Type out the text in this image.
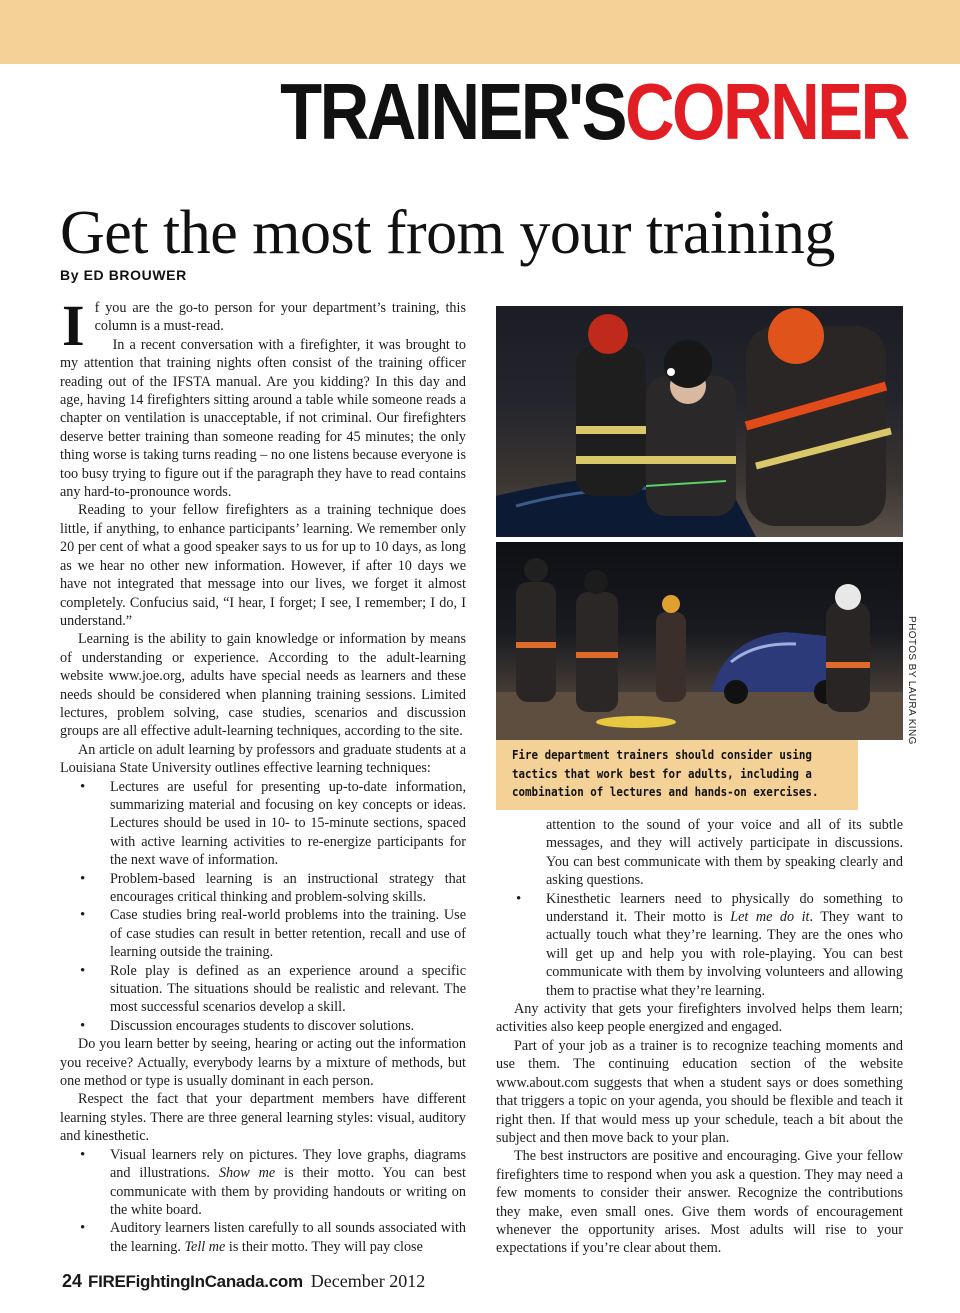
TRAINER'SCORNER
Get the most from your training
By ED BROUWER

If you are the go-to person for your department’s training, this column is a must-read.

In a recent conversation with a firefighter, it was brought to my attention that training nights often consist of the training officer reading out of the IFSTA manual. Are you kidding? In this day and age, having 14 firefighters sitting around a table while someone reads a chapter on ventilation is unacceptable, if not criminal. Our firefighters deserve better training than someone reading for 45 minutes; the only thing worse is taking turns reading – no one listens because everyone is too busy trying to figure out if the paragraph they have to read contains any hard-to-pronounce words.

Reading to your fellow firefighters as a training technique does little, if anything, to enhance participants’ learning. We remember only 20 per cent of what a good speaker says to us for up to 10 days, as long as we hear no other new information. However, if after 10 days we have not integrated that message into our lives, we forget it almost completely. Confucius said, “I hear, I forget; I see, I remember; I do, I understand.”

Learning is the ability to gain knowledge or information by means of understanding or experience. According to the adult-learning website www.joe.org, adults have special needs as learners and these needs should be considered when planning training sessions. Limited lectures, problem solving, case studies, scenarios and discussion groups are all effective adult-learning techniques, according to the site.

An article on adult learning by professors and graduate students at a Louisiana State University outlines effective learning techniques:

• Lectures are useful for presenting up-to-date information, summarizing material and focusing on key concepts or ideas. Lectures should be used in 10- to 15-minute sections, spaced with active learning activities to re-energize participants for the next wave of information.
• Problem-based learning is an instructional strategy that encourages critical thinking and problem-solving skills.
• Case studies bring real-world problems into the training. Use of case studies can result in better retention, recall and use of learning outside the training.
• Role play is defined as an experience around a specific situation. The situations should be realistic and relevant. The most successful scenarios develop a skill.
• Discussion encourages students to discover solutions.

Do you learn better by seeing, hearing or acting out the information you receive? Actually, everybody learns by a mixture of methods, but one method or type is usually dominant in each person.

Respect the fact that your department members have different learning styles. There are three general learning styles: visual, auditory and kinesthetic.

• Visual learners rely on pictures. They love graphs, diagrams and illustrations. Show me is their motto. You can best communicate with them by providing handouts or writing on the white board.
• Auditory learners listen carefully to all sounds associated with the learning. Tell me is their motto. They will pay close
PHOTOS BY LAURA KING
Fire department trainers should consider using tactics that work best for adults, including a combination of lectures and hands-on exercises.
attention to the sound of your voice and all of its subtle messages, and they will actively participate in discussions. You can best communicate with them by speaking clearly and asking questions.
• Kinesthetic learners need to physically do something to understand it. Their motto is Let me do it. They want to actually touch what they’re learning. They are the ones who will get up and help you with role-playing. You can best communicate with them by involving volunteers and allowing them to practise what they’re learning.

Any activity that gets your firefighters involved helps them learn; activities also keep people energized and engaged.

Part of your job as a trainer is to recognize teaching moments and use them. The continuing education section of the website www.about.com suggests that when a student says or does something that triggers a topic on your agenda, you should be flexible and teach it right then. If that would mess up your schedule, teach a bit about the subject and then move back to your plan.

The best instructors are positive and encouraging. Give your fellow firefighters time to respond when you ask a question. They may need a few moments to consider their answer. Recognize the contributions they make, even small ones. Give them words of encouragement whenever the opportunity arises. Most adults will rise to your expectations if you’re clear about them.

24 FIREFightingInCanada.com December 2012
